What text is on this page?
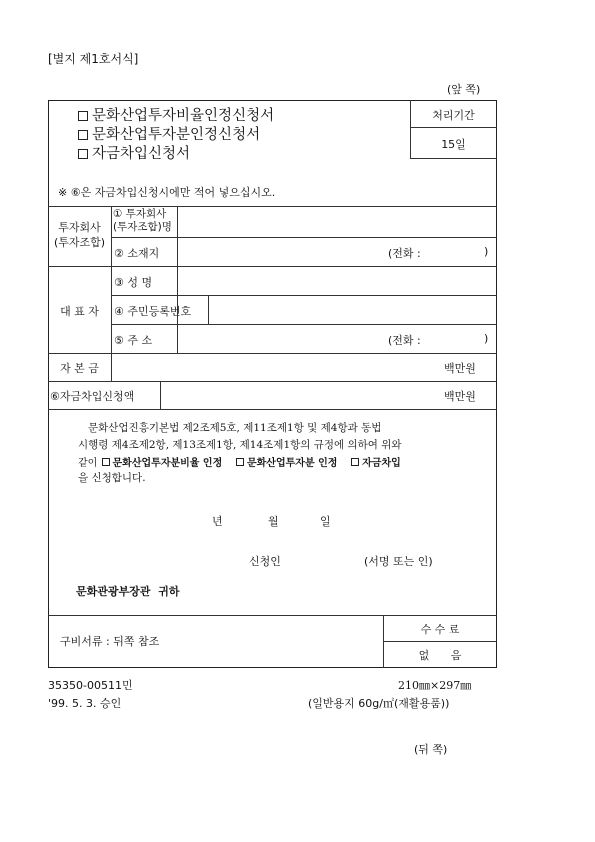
[별지 제1호서식]
(앞 쪽)
문화산업투자비율인정신청서
문화산업투자분인정신청서
자금차입신청서
처리기간
15일
※ ⑥은 자금차입신청시에만 적어 넣으십시오.
투자회사
(투자조합)
① 투자회사
(투자조합)명
② 소재지	(전화 :	)
대 표 자
③ 성 명
④ 주민등록번호
⑤ 주 소	(전화 :	)
자 본 금	백만원
⑥자금차입신청액	백만원
문화산업진흥기본법 제2조제5호, 제11조제1항 및 제4항과 동법
시행령 제4조제2항, 제13조제1항, 제14조제1항의 규정에 의하여 위와
같이 문화산업투자분비율 인정 문화산업투자분 인정 자금차입
을 신청합니다.
년	월	일
신청인	(서명 또는 인)
문화관광부장관 귀하
구비서류 : 뒤쪽 참조
수 수 료
없 음
35350-00511민
'99. 5. 3. 승인
210㎜×297㎜
(일반용지 60g/㎡(재활용품))
(뒤 쪽)
